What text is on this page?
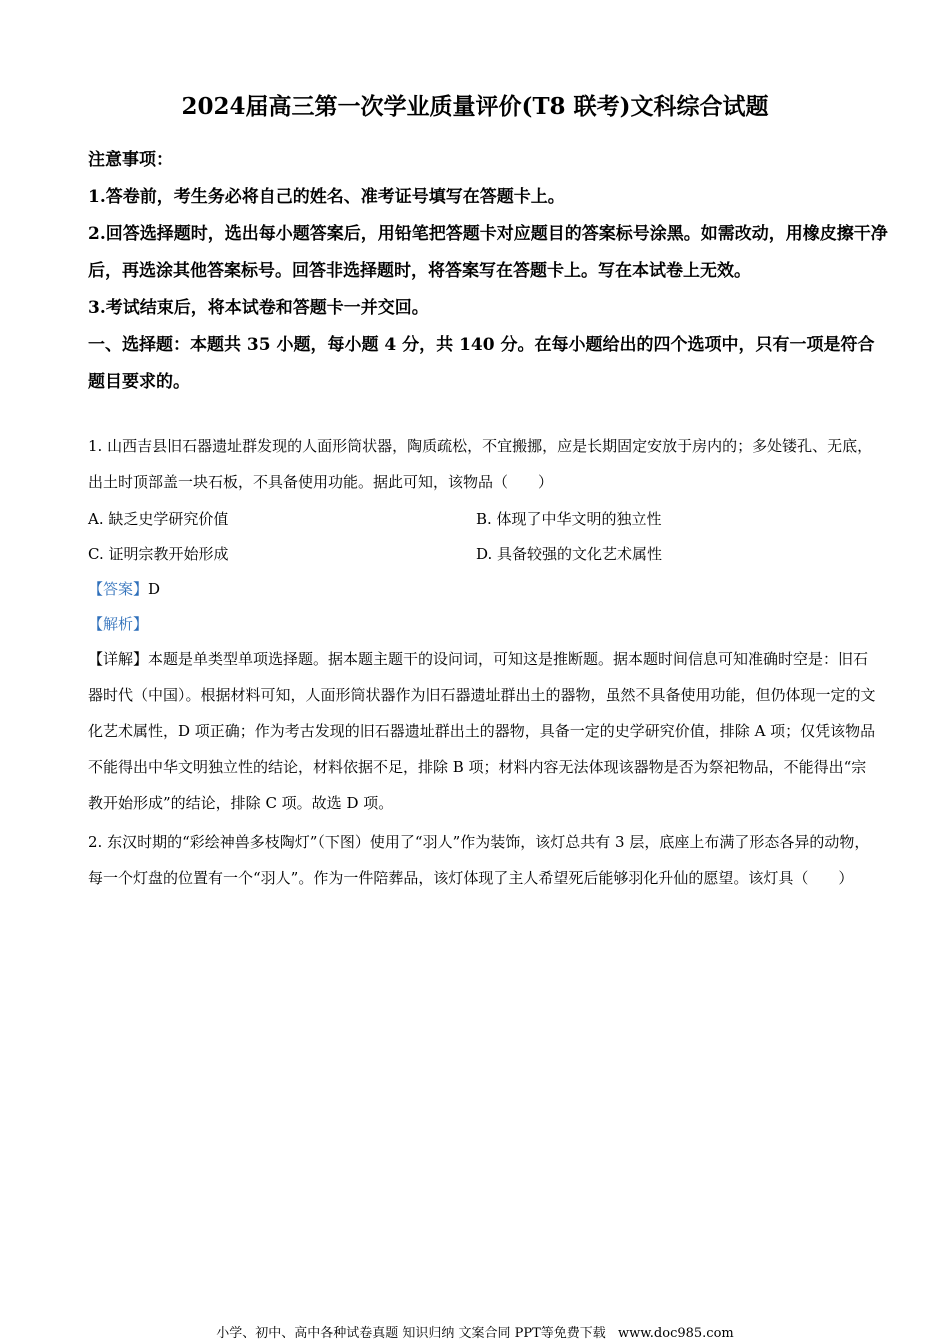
2024届高三第一次学业质量评价(T8 联考)文科综合试题

注意事项：

1.答卷前，考生务必将自己的姓名、准考证号填写在答题卡上。

2.回答选择题时，选出每小题答案后，用铅笔把答题卡对应题目的答案标号涂黑。如需改动，用橡皮擦干净后，再选涂其他答案标号。回答非选择题时，将答案写在答题卡上。写在本试卷上无效。

3.考试结束后，将本试卷和答题卡一并交回。

一、选择题：本题共 35 小题，每小题 4 分，共 140 分。在每小题给出的四个选项中，只有一项是符合题目要求的。

1. 山西吉县旧石器遗址群发现的人面形筒状器，陶质疏松，不宜搬挪，应是长期固定安放于房内的；多处镂孔、无底，出土时顶部盖一块石板，不具备使用功能。据此可知，该物品（　　）

A. 缺乏史学研究价值	B. 体现了中华文明的独立性
C. 证明宗教开始形成	D. 具备较强的文化艺术属性
【答案】D
【解析】

【详解】本题是单类型单项选择题。据本题主题干的设问词，可知这是推断题。据本题时间信息可知准确时空是：旧石器时代（中国）。根据材料可知，人面形筒状器作为旧石器遗址群出土的器物，虽然不具备使用功能，但仍体现一定的文化艺术属性，D 项正确；作为考古发现的旧石器遗址群出土的器物，具备一定的史学研究价值，排除 A 项；仅凭该物品不能得出中华文明独立性的结论，材料依据不足，排除 B 项；材料内容无法体现该器物是否为祭祀物品，不能得出“宗教开始形成”的结论，排除 C 项。故选 D 项。

2. 东汉时期的“彩绘神兽多枝陶灯”（下图）使用了“羽人”作为装饰，该灯总共有 3 层，底座上布满了形态各异的动物，每一个灯盘的位置有一个“羽人”。作为一件陪葬品，该灯体现了主人希望死后能够羽化升仙的愿望。该灯具（　　）

小学、初中、高中各种试卷真题 知识归纳 文案合同 PPT等免费下载 www.doc985.com
